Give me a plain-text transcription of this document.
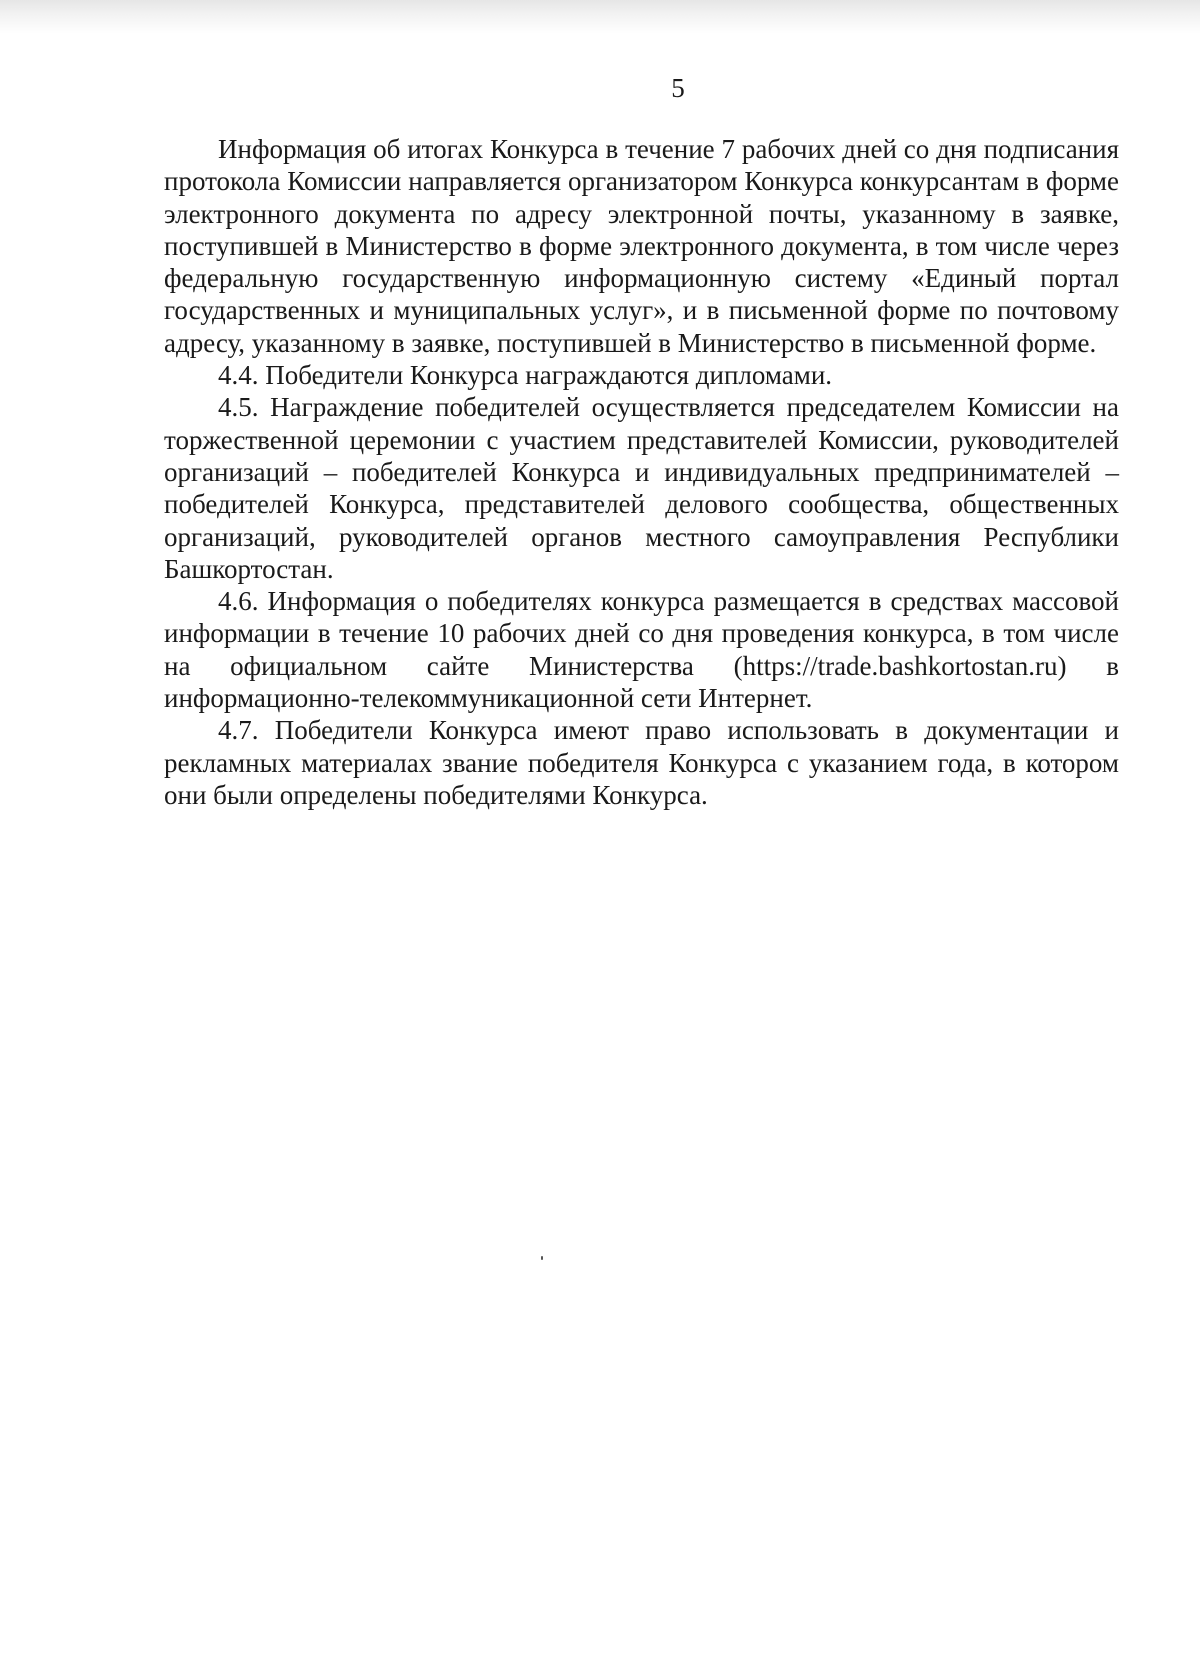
5

Информация об итогах Конкурса в течение 7 рабочих дней со дня подписания протокола Комиссии направляется организатором Конкурса конкурсантам в форме электронного документа по адресу электронной почты, указанному в заявке, поступившей в Министерство в форме электронного документа, в том числе через федеральную государственную информационную систему «Единый портал государственных и муниципальных услуг», и в письменной форме по почтовому адресу, указанному в заявке, поступившей в Министерство в письменной форме.

4.4. Победители Конкурса награждаются дипломами.

4.5. Награждение победителей осуществляется председателем Комиссии на торжественной церемонии с участием представителей Комиссии, руководителей организаций – победителей Конкурса и индивидуальных предпринимателей – победителей Конкурса, представителей делового сообщества, общественных организаций, руководителей органов местного самоуправления Республики Башкортостан.

4.6. Информация о победителях конкурса размещается в средствах массовой информации в течение 10 рабочих дней со дня проведения конкурса, в том числе на официальном сайте Министерства (https://trade.bashkortostan.ru) в информационно-телекоммуникационной сети Интернет.

4.7. Победители Конкурса имеют право использовать в документации и рекламных материалах звание победителя Конкурса с указанием года, в котором они были определены победителями Конкурса.
